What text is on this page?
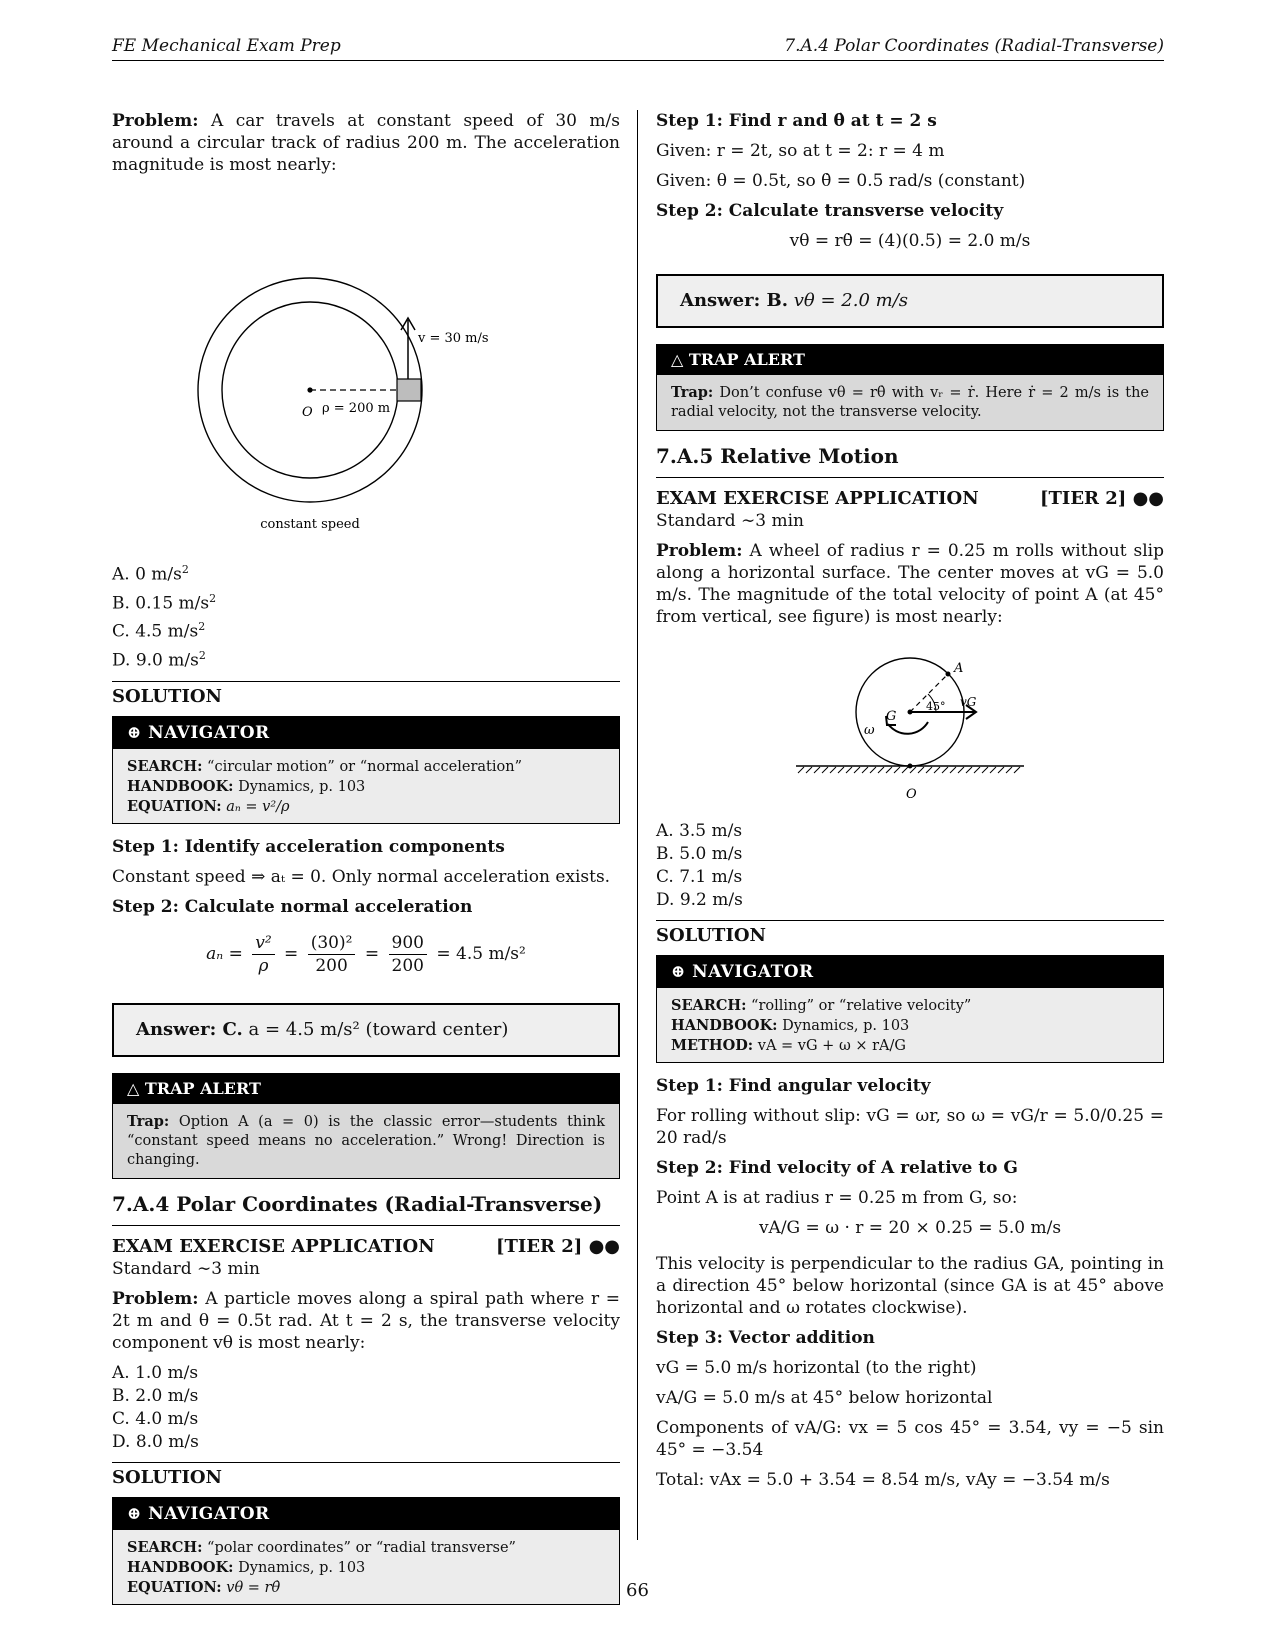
FE Mechanical Exam Prep	7.A.4 Polar Coordinates (Radial-Transverse)

Problem: A car travels at constant speed of 30 m/s around a circular track of radius 200 m. The acceleration magnitude is most nearly:

v = 30 m/s
O ρ = 200 m
constant speed
A. 0 $m/s^2$
B. 0.15 $m/s^2$
C. 4.5 $m/s^2$
D. 9.0 $m/s^2$
SOLUTION
⊕ NAVIGATOR
SEARCH: “circular motion” or “normal acceleration”
HANDBOOK: Dynamics, p. 103
EQUATION: aₙ = v²/ρ
Step 1: Identify acceleration components

Constant speed ⇒ aₜ = 0. Only normal acceleration exists.

Step 2: Calculate normal acceleration
$a_n = \frac{\text{v²}}{\rho} = \frac{\text{(30)²}}{200} = \frac{900}{200} = 4.5$ m/s²
Answer: C. a = 4.5 m/s² (toward center)
△ TRAP ALERT
Trap: Option A (a = 0) is the classic error—students think “constant speed means no acceleration.” Wrong! Direction is changing.
7.A.4 Polar Coordinates (Radial-Transverse)
EXAM EXERCISE APPLICATION	[TIER 2] ●●
Standard ∼3 min

Problem: A particle moves along a spiral path where r = 2t m and θ = 0.5t rad. At t = 2 s, the transverse velocity component vθ is most nearly:

A. 1.0 m/s
B. 2.0 m/s
C. 4.0 m/s
D. 8.0 m/s
SOLUTION
⊕ NAVIGATOR
SEARCH: “polar coordinates” or “radial transverse”
HANDBOOK: Dynamics, p. 103
EQUATION: vθ = rθ̇
Step 1: Find r and θ̇ at t = 2 s

Given: r = 2t, so at t = 2: r = 4 m

Given: θ = 0.5t, so θ̇ = 0.5 rad/s (constant)

Step 2: Calculate transverse velocity
vθ = rθ̇ = (4)(0.5) = 2.0 m/s
Answer: B. vθ = 2.0 m/s
△ TRAP ALERT
Trap: Don’t confuse vθ = rθ̇ with vᵣ = ṙ. Here ṙ = 2 m/s is the radial velocity, not the transverse velocity.
7.A.5 Relative Motion
EXAM EXERCISE APPLICATION	[TIER 2] ●●
Standard ∼3 min

Problem: A wheel of radius r = 0.25 m rolls without slip along a horizontal surface. The center moves at vG = 5.0 m/s. The magnitude of the total velocity of point A (at 45° from vertical, see figure) is most nearly:

A
G
45° vG
ω
O
A. 3.5 m/s
B. 5.0 m/s
C. 7.1 m/s
D. 9.2 m/s
SOLUTION
⊕ NAVIGATOR
SEARCH: “rolling” or “relative velocity”
HANDBOOK: Dynamics, p. 103
METHOD: vA = vG + ω × rA/G
Step 1: Find angular velocity

For rolling without slip: vG = ωr, so ω = vG/r = 5.0/0.25 = 20 rad/s

Step 2: Find velocity of A relative to G

Point A is at radius r = 0.25 m from G, so:

vA/G = ω · r = 20 × 0.25 = 5.0 m/s

This velocity is perpendicular to the radius GA, pointing in a direction 45° below horizontal (since GA is at 45° above horizontal and ω rotates clockwise).

Step 3: Vector addition

vG = 5.0 m/s horizontal (to the right)

vA/G = 5.0 m/s at 45° below horizontal

Components of vA/G: vx = 5 cos 45° = 3.54, vy = −5 sin 45° = −3.54

Total: vAx = 5.0 + 3.54 = 8.54 m/s, vAy = −3.54 m/s

66
